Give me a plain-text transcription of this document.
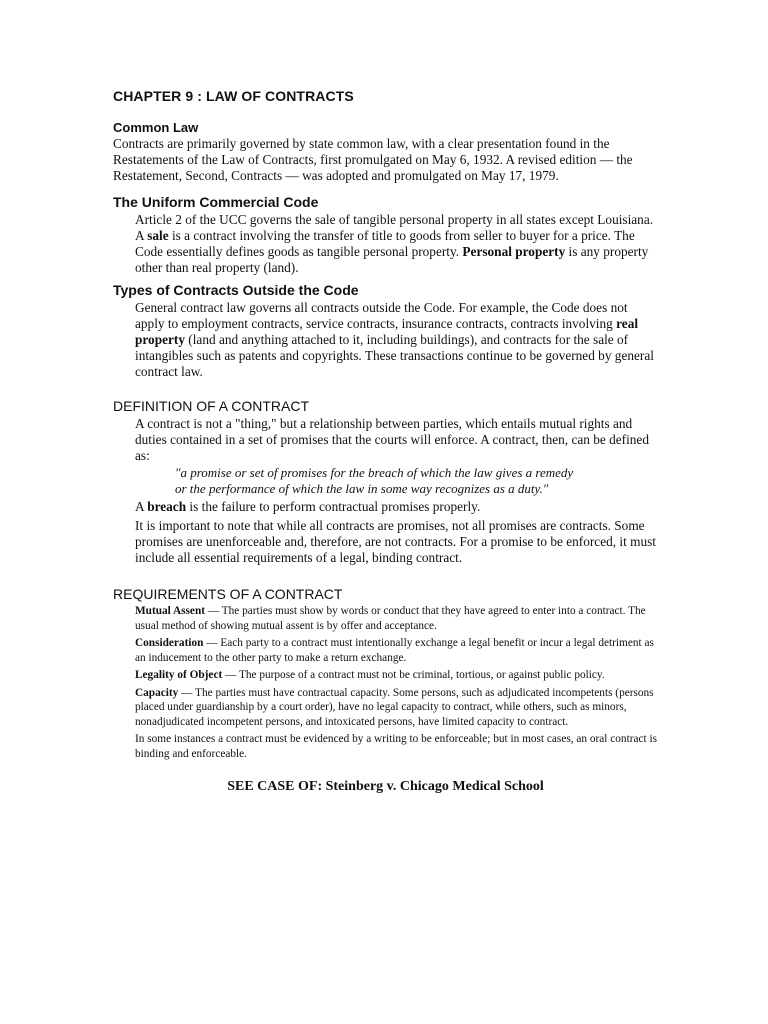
CHAPTER 9 : LAW OF CONTRACTS
Common Law

Contracts are primarily governed by state common law, with a clear presentation found in the Restatements of the Law of Contracts, first promulgated on May 6, 1932. A revised edition — the Restatement, Second, Contracts — was adopted and promulgated on May 17, 1979.

The Uniform Commercial Code

Article 2 of the UCC governs the sale of tangible personal property in all states except Louisiana. A sale is a contract involving the transfer of title to goods from seller to buyer for a price. The Code essentially defines goods as tangible personal property. Personal property is any property other than real property (land).

Types of Contracts Outside the Code

General contract law governs all contracts outside the Code. For example, the Code does not apply to employment contracts, service contracts, insurance contracts, contracts involving real property (land and anything attached to it, including buildings), and contracts for the sale of intangibles such as patents and copyrights. These transactions continue to be governed by general contract law.

DEFINITION OF A CONTRACT

A contract is not a "thing," but a relationship between parties, which entails mutual rights and duties contained in a set of promises that the courts will enforce. A contract, then, can be defined as:

"a promise or set of promises for the breach of which the law gives a remedy
or the performance of which the law in some way recognizes as a duty."

A breach is the failure to perform contractual promises properly.

It is important to note that while all contracts are promises, not all promises are contracts. Some promises are unenforceable and, therefore, are not contracts. For a promise to be enforced, it must include all essential requirements of a legal, binding contract.

REQUIREMENTS OF A CONTRACT

Mutual Assent — The parties must show by words or conduct that they have agreed to enter into a contract. The usual method of showing mutual assent is by offer and acceptance.

Consideration — Each party to a contract must intentionally exchange a legal benefit or incur a legal detriment as an inducement to the other party to make a return exchange.

Legality of Object — The purpose of a contract must not be criminal, tortious, or against public policy.

Capacity — The parties must have contractual capacity. Some persons, such as adjudicated incompetents (persons placed under guardianship by a court order), have no legal capacity to contract, while others, such as minors, nonadjudicated incompetent persons, and intoxicated persons, have limited capacity to contract.

In some instances a contract must be evidenced by a writing to be enforceable; but in most cases, an oral contract is binding and enforceable.

SEE CASE OF: Steinberg v. Chicago Medical School
